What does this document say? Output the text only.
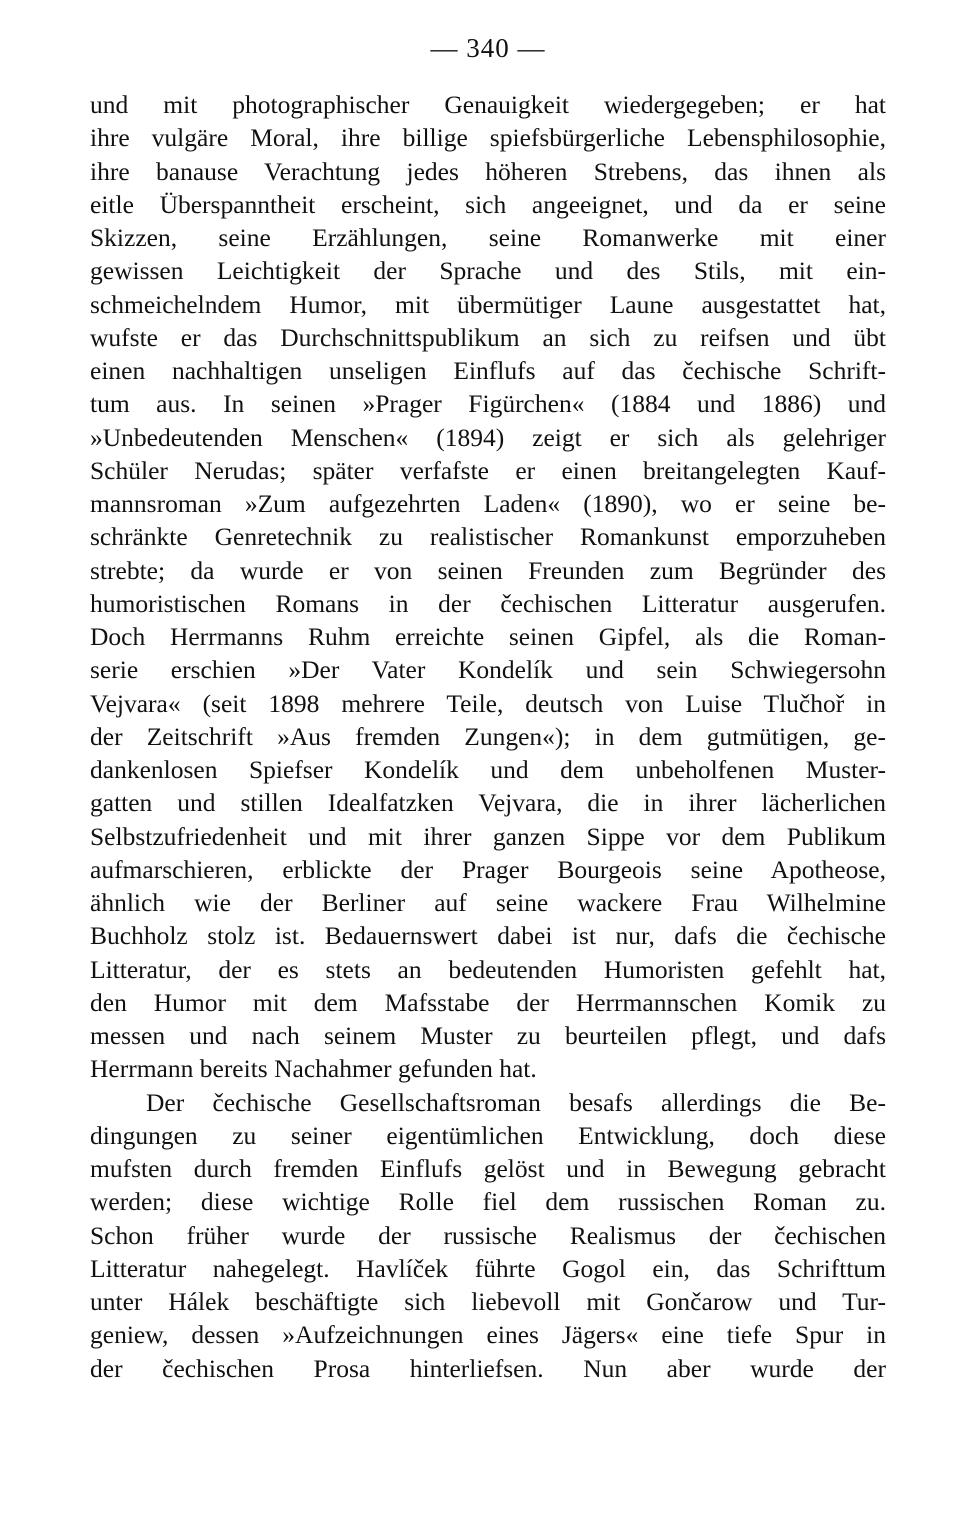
— 340 —
und mit photographischer Genauigkeit wiedergegeben; er hat
ihre vulgäre Moral, ihre billige spiefsbürgerliche Lebensphilosophie,
ihre banause Verachtung jedes höheren Strebens, das ihnen als
eitle Überspanntheit erscheint, sich angeeignet, und da er seine
Skizzen, seine Erzählungen, seine Romanwerke mit einer
gewissen Leichtigkeit der Sprache und des Stils, mit ein-
schmeichelndem Humor, mit übermütiger Laune ausgestattet hat,
wufste er das Durchschnittspublikum an sich zu reifsen und übt
einen nachhaltigen unseligen Einflufs auf das čechische Schrift-
tum aus. In seinen »Prager Figürchen« (1884 und 1886) und
»Unbedeutenden Menschen« (1894) zeigt er sich als gelehriger
Schüler Nerudas; später verfafste er einen breitangelegten Kauf-
mannsroman »Zum aufgezehrten Laden« (1890), wo er seine be-
schränkte Genretechnik zu realistischer Romankunst emporzuheben
strebte; da wurde er von seinen Freunden zum Begründer des
humoristischen Romans in der čechischen Litteratur ausgerufen.
Doch Herrmanns Ruhm erreichte seinen Gipfel, als die Roman-
serie erschien »Der Vater Kondelík und sein Schwiegersohn
Vejvara« (seit 1898 mehrere Teile, deutsch von Luise Tlučhoř in
der Zeitschrift »Aus fremden Zungen«); in dem gutmütigen, ge-
dankenlosen Spiefser Kondelík und dem unbeholfenen Muster-
gatten und stillen Idealfatzken Vejvara, die in ihrer lächerlichen
Selbstzufriedenheit und mit ihrer ganzen Sippe vor dem Publikum
aufmarschieren, erblickte der Prager Bourgeois seine Apotheose,
ähnlich wie der Berliner auf seine wackere Frau Wilhelmine
Buchholz stolz ist. Bedauernswert dabei ist nur, dafs die čechische
Litteratur, der es stets an bedeutenden Humoristen gefehlt hat,
den Humor mit dem Mafsstabe der Herrmannschen Komik zu
messen und nach seinem Muster zu beurteilen pflegt, und dafs
Herrmann bereits Nachahmer gefunden hat.
Der čechische Gesellschaftsroman besafs allerdings die Be-
dingungen zu seiner eigentümlichen Entwicklung, doch diese
mufsten durch fremden Einflufs gelöst und in Bewegung gebracht
werden; diese wichtige Rolle fiel dem russischen Roman zu.
Schon früher wurde der russische Realismus der čechischen
Litteratur nahegelegt. Havlíček führte Gogol ein, das Schrifttum
unter Hálek beschäftigte sich liebevoll mit Gončarow und Tur-
geniew, dessen »Aufzeichnungen eines Jägers« eine tiefe Spur in
der čechischen Prosa hinterliefsen. Nun aber wurde der
